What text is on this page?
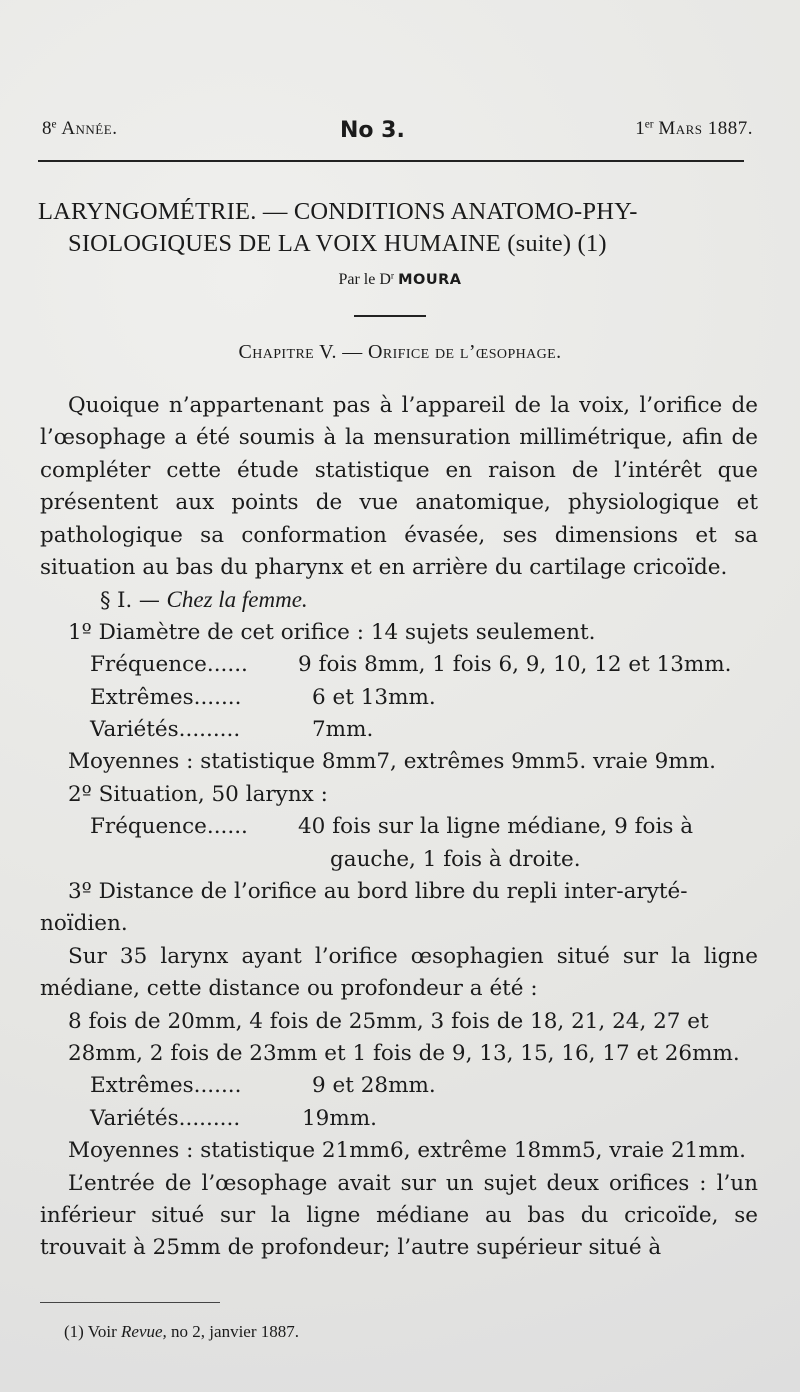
8e Année.	No 3.	1er Mars 1887.
LARYNGOMÉTRIE. — CONDITIONS ANATOMO-PHY-
SIOLOGIQUES DE LA VOIX HUMAINE (suite) (1)
Par le $D^r$ MOURA
Chapitre V. — Orifice de l’œsophage.

Quoique n’appartenant pas à l’appareil de la voix, l’orifice de l’œsophage a été soumis à la mensuration millimétrique, afin de compléter cette étude statistique en raison de l’intérêt que présentent aux points de vue anatomique, physiologique et pathologique sa conformation évasée, ses dimensions et sa situation au bas du pharynx et en arrière du cartilage cricoïde.

§ I. — Chez la femme.

1º Diamètre de cet orifice : 14 sujets seulement.

Fréquence...... 9 fois 8mm, 1 fois 6, 9, 10, 12 et 13mm.
Extrêmes.......	6 et 13mm.
Variétés.........	7mm.

Moyennes : statistique 8mm7, extrêmes 9mm5. vraie 9mm.

2º Situation, 50 larynx :

Fréquence...... 40 fois sur la ligne médiane, 9 fois à
gauche, 1 fois à droite.

3º Distance de l’orifice au bord libre du repli inter-aryté-

noïdien.

Sur 35 larynx ayant l’orifice œsophagien situé sur la ligne médiane, cette distance ou profondeur a été :

8 fois de 20mm, 4 fois de 25mm, 3 fois de 18, 21, 24, 27 et

28mm, 2 fois de 23mm et 1 fois de 9, 13, 15, 16, 17 et 26mm.

Extrêmes.......	9 et 28mm.
Variétés.........	19mm.

Moyennes : statistique 21mm6, extrême 18mm5, vraie 21mm.

L’entrée de l’œsophage avait sur un sujet deux orifices : l’un inférieur situé sur la ligne médiane au bas du cricoïde, se trouvait à 25mm de profondeur; l’autre supérieur situé à

(1) Voir Revue, no 2, janvier 1887.
